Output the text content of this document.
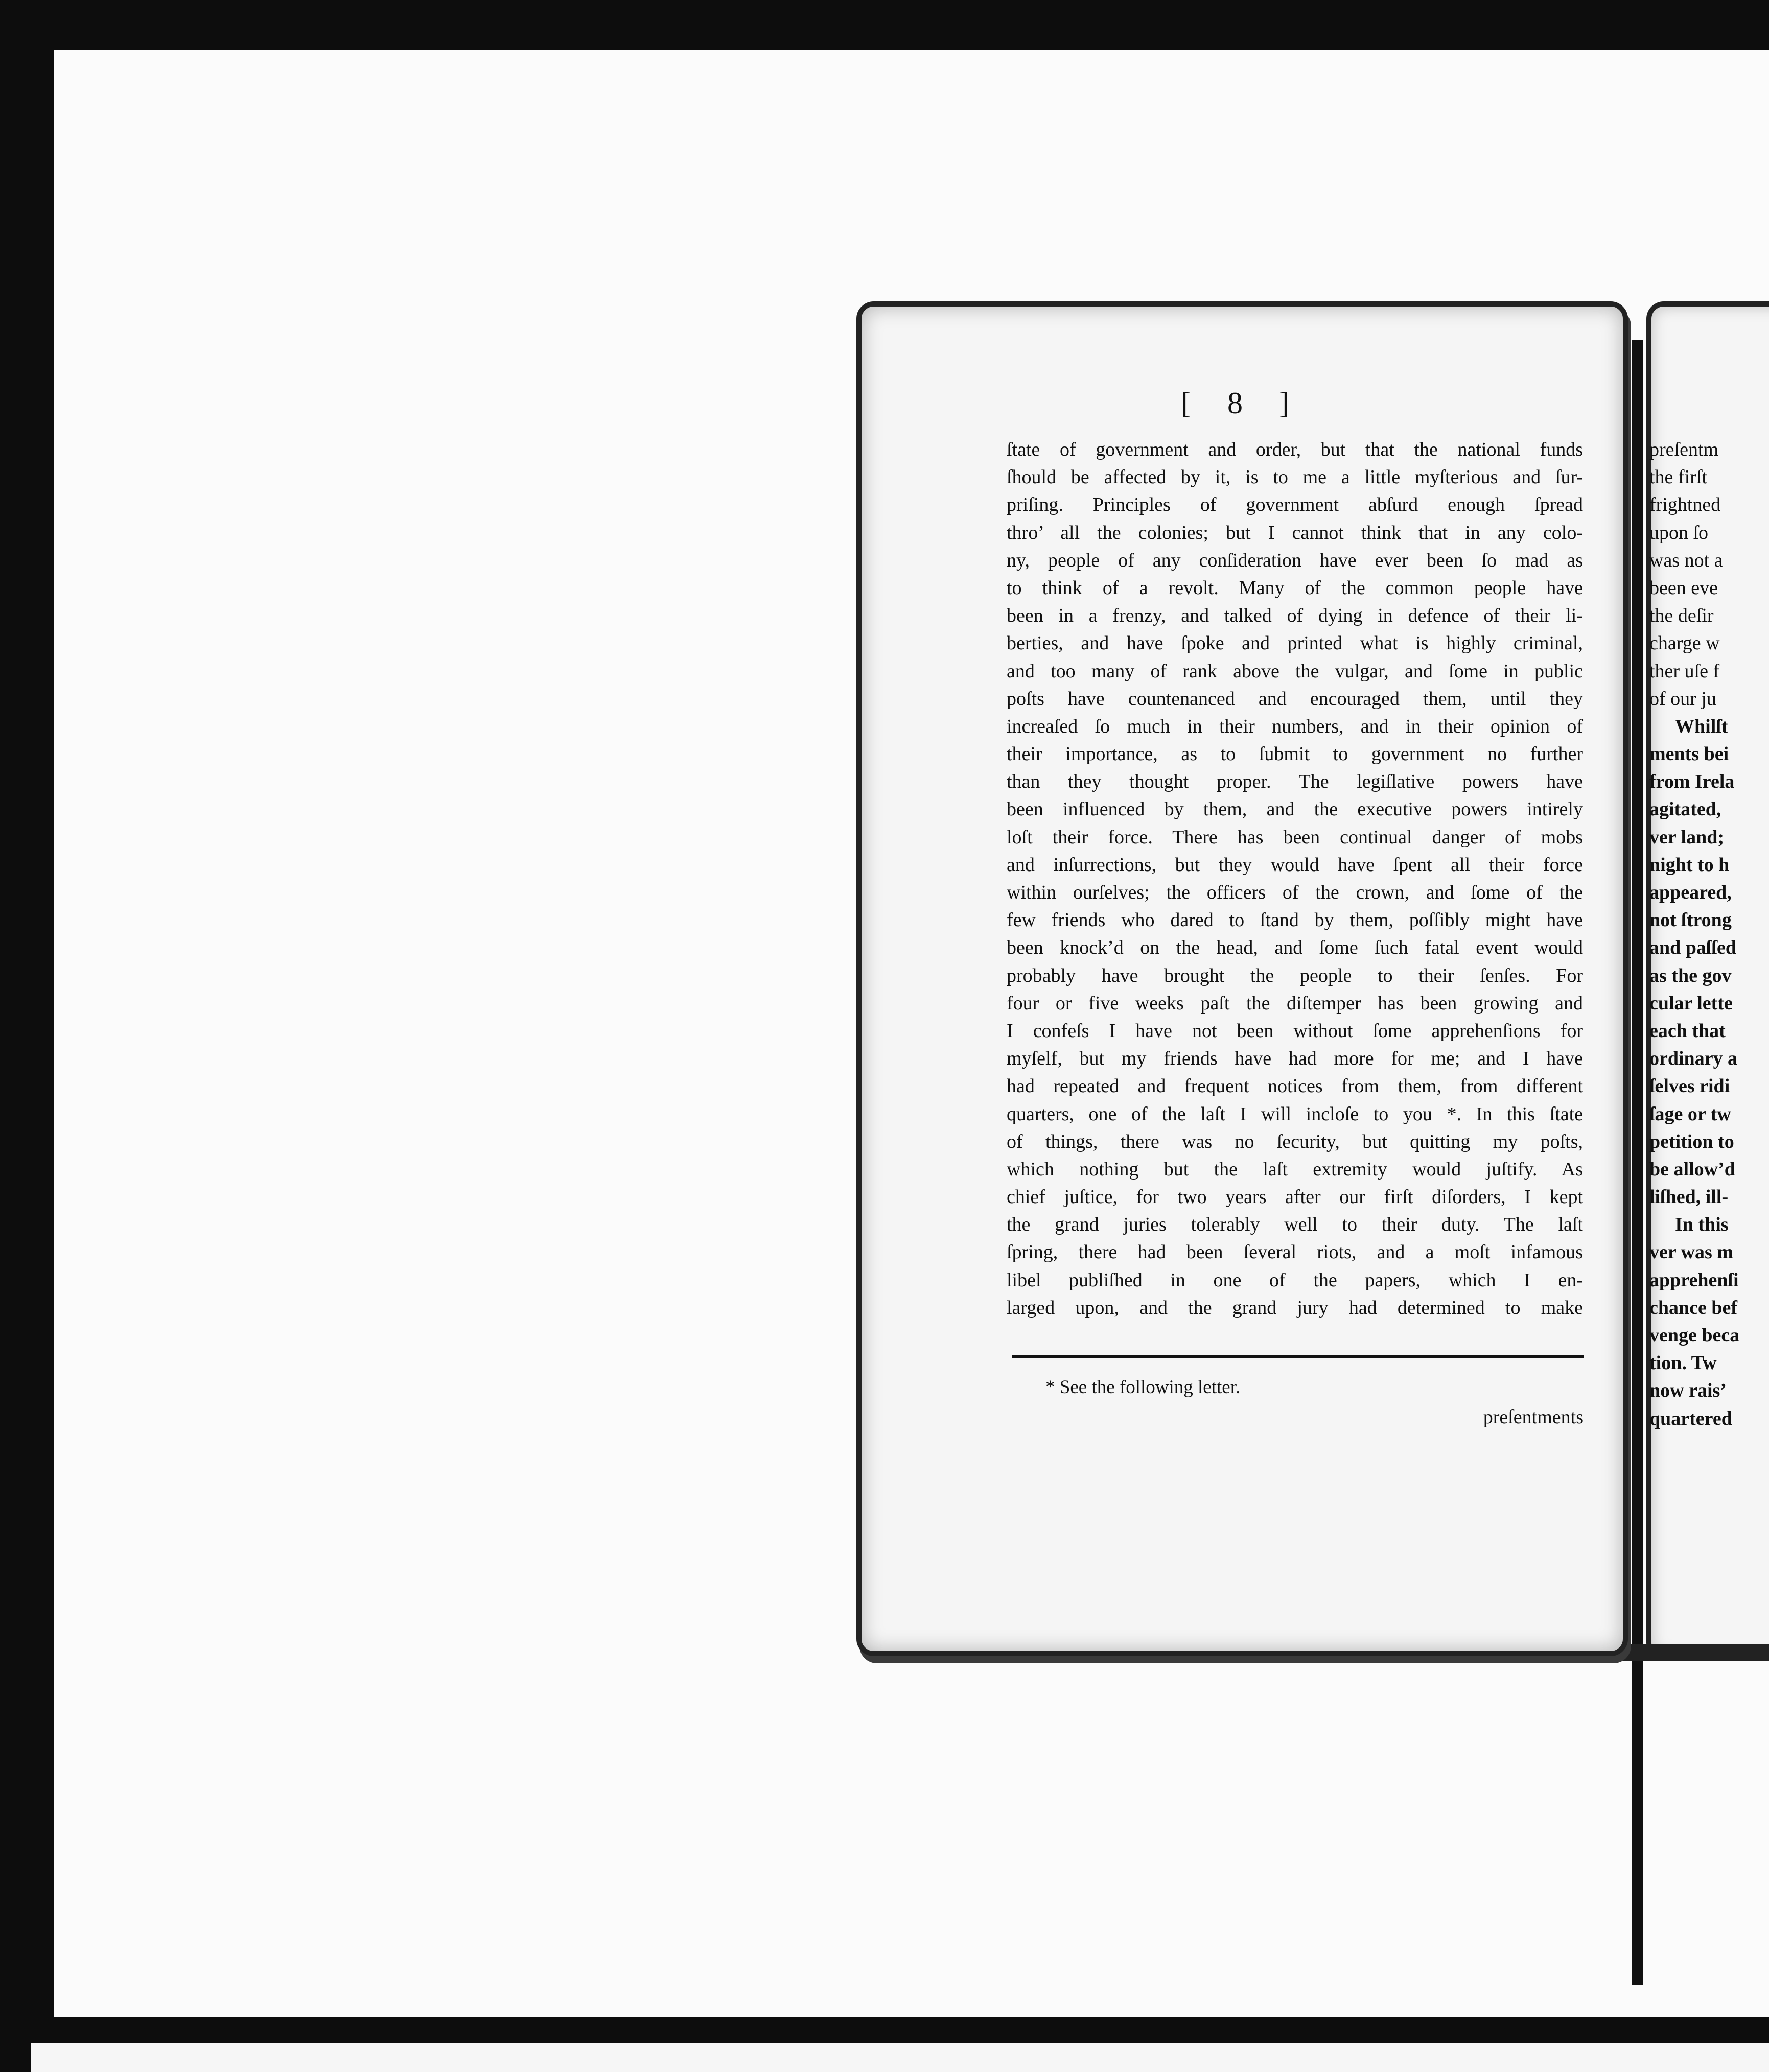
[ 8 ]
ſtate of government and order, but that the national funds
ſhould be affected by it, is to me a little myſterious and ſur-
priſing. Principles of government abſurd enough ſpread
thro’ all the colonies; but I cannot think that in any colo-
ny, people of any conſideration have ever been ſo mad as
to think of a revolt. Many of the common people have
been in a frenzy, and talked of dying in defence of their li-
berties, and have ſpoke and printed what is highly criminal,
and too many of rank above the vulgar, and ſome in public
poſts have countenanced and encouraged them, until they
increaſed ſo much in their numbers, and in their opinion of
their importance, as to ſubmit to government no further
than they thought proper. The legiſlative powers have
been influenced by them, and the executive powers intirely
loſt their force. There has been continual danger of mobs
and inſurrections, but they would have ſpent all their force
within ourſelves; the officers of the crown, and ſome of the
few friends who dared to ſtand by them, poſſibly might have
been knock’d on the head, and ſome ſuch fatal event would
probably have brought the people to their ſenſes. For
four or five weeks paſt the diſtemper has been growing and
I confeſs I have not been without ſome apprehenſions for
myſelf, but my friends have had more for me; and I have
had repeated and frequent notices from them, from different
quarters, one of the laſt I will incloſe to you *. In this ſtate
of things, there was no ſecurity, but quitting my poſts,
which nothing but the laſt extremity would juſtify. As
chief juſtice, for two years after our firſt diſorders, I kept
the grand juries tolerably well to their duty. The laſt
ſpring, there had been ſeveral riots, and a moſt infamous
libel publiſhed in one of the papers, which I en-
larged upon, and the grand jury had determined to make
* See the following letter.
preſentments
preſentm
the firſt
frightned
upon ſo
was not a
been eve
the deſir
charge w
ther uſe f
of our ju
Whilſt
ments bei
from Irela
agitated,
ver land;
night to h
appeared,
not ſtrong
and paſſed
as the gov
cular lette
each that
ordinary a
ſelves ridi
ſage or tw
petition to
be allow’d
liſhed, ill-
In this
ver was m
apprehenſi
chance bef
venge beca
tion. Tw
now rais’
quartered
